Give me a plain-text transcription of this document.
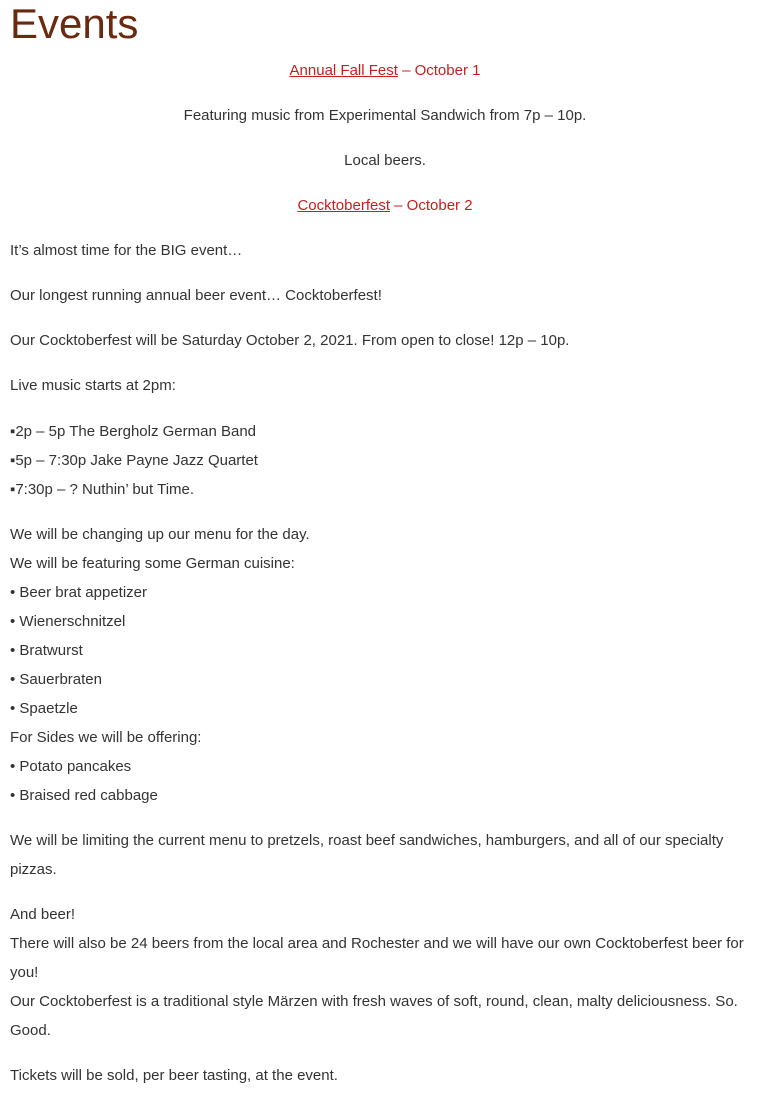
Events
Annual Fall Fest – October 1
Featuring music from Experimental Sandwich from 7p – 10p.
Local beers.
Cocktoberfest – October 2
It’s almost time for the BIG event…
Our longest running annual beer event… Cocktoberfest!
Our Cocktoberfest will be Saturday October 2, 2021. From open to close! 12p – 10p.
Live music starts at 2pm:
▪2p – 5p The Bergholz German Band
▪5p – 7:30p Jake Payne Jazz Quartet
▪7:30p – ? Nuthin’ but Time.
We will be changing up our menu for the day.
We will be featuring some German cuisine:
• Beer brat appetizer
• Wienerschnitzel
• Bratwurst
• Sauerbraten
• Spaetzle
For Sides we will be offering:
• Potato pancakes
• Braised red cabbage
We will be limiting the current menu to pretzels, roast beef sandwiches, hamburgers, and all of our specialty pizzas.
And beer!
There will also be 24 beers from the local area and Rochester and we will have our own Cocktoberfest beer for you!
Our Cocktoberfest is a traditional style Märzen with fresh waves of soft, round, clean, malty deliciousness. So. Good.
Tickets will be sold, per beer tasting, at the event.
